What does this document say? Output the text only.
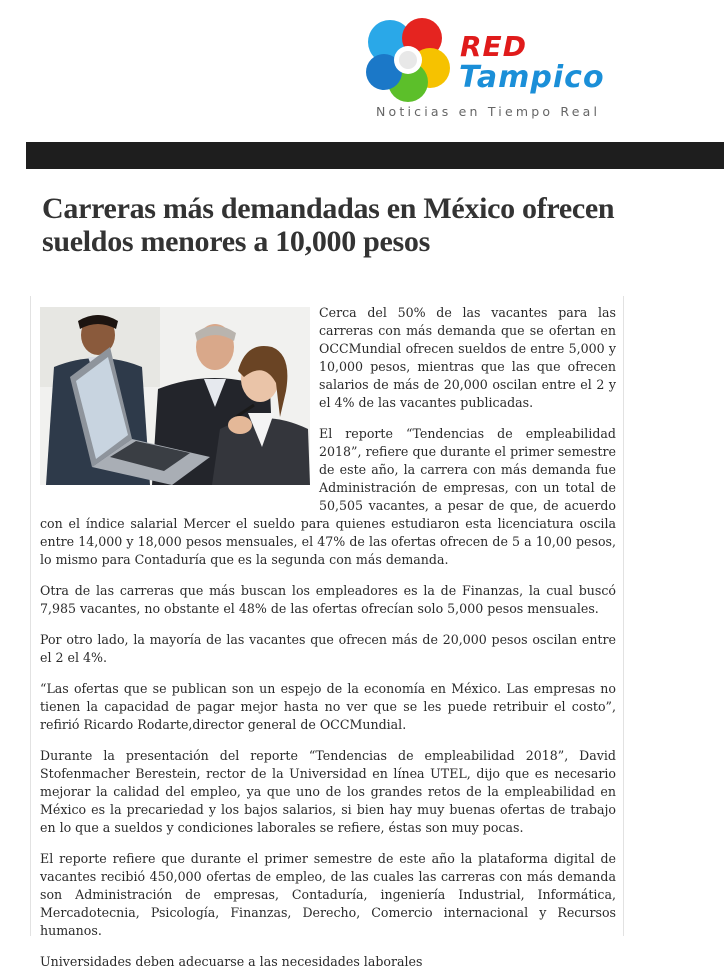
RED
Tampico
Noticias en Tiempo Real
Carreras más demandadas en México ofrecen sueldos menores a 10,000 pesos

Cerca del 50% de las vacantes para las carreras con más demanda que se ofertan en OCCMundial ofrecen sueldos de entre 5,000 y 10,000 pesos, mientras que las que ofrecen salarios de más de 20,000 oscilan entre el 2 y el 4% de las vacantes publicadas.

El reporte “Tendencias de empleabilidad 2018”, refiere que durante el primer semestre de este año, la carrera con más demanda fue Administración de empresas, con un total de 50,505 vacantes, a pesar de que, de acuerdo con el índice salarial Mercer el sueldo para quienes estudiaron esta licenciatura oscila entre 14,000 y 18,000 pesos mensuales, el 47% de las ofertas ofrecen de 5 a 10,00 pesos, lo mismo para Contaduría que es la segunda con más demanda.

Otra de las carreras que más buscan los empleadores es la de Finanzas, la cual buscó 7,985 vacantes, no obstante el 48% de las ofertas ofrecían solo 5,000 pesos mensuales.

Por otro lado, la mayoría de las vacantes que ofrecen más de 20,000 pesos oscilan entre el 2 el 4%.

“Las ofertas que se publican son un espejo de la economía en México. Las empresas no tienen la capacidad de pagar mejor hasta no ver que se les puede retribuir el costo”, refirió Ricardo Rodarte,director general de OCCMundial.

Durante la presentación del reporte “Tendencias de empleabilidad 2018”, David Stofenmacher Berestein, rector de la Universidad en línea UTEL, dijo que es necesario mejorar la calidad del empleo, ya que uno de los grandes retos de la empleabilidad en México es la precariedad y los bajos salarios, si bien hay muy buenas ofertas de trabajo en lo que a sueldos y condiciones laborales se refiere, éstas son muy pocas.

El reporte refiere que durante el primer semestre de este año la plataforma digital de vacantes recibió 450,000 ofertas de empleo, de las cuales las carreras con más demanda son Administración de empresas, Contaduría, ingeniería Industrial, Informática, Mercadotecnia, Psicología, Finanzas, Derecho, Comercio internacional y Recursos humanos.

Universidades deben adecuarse a las necesidades laborales
